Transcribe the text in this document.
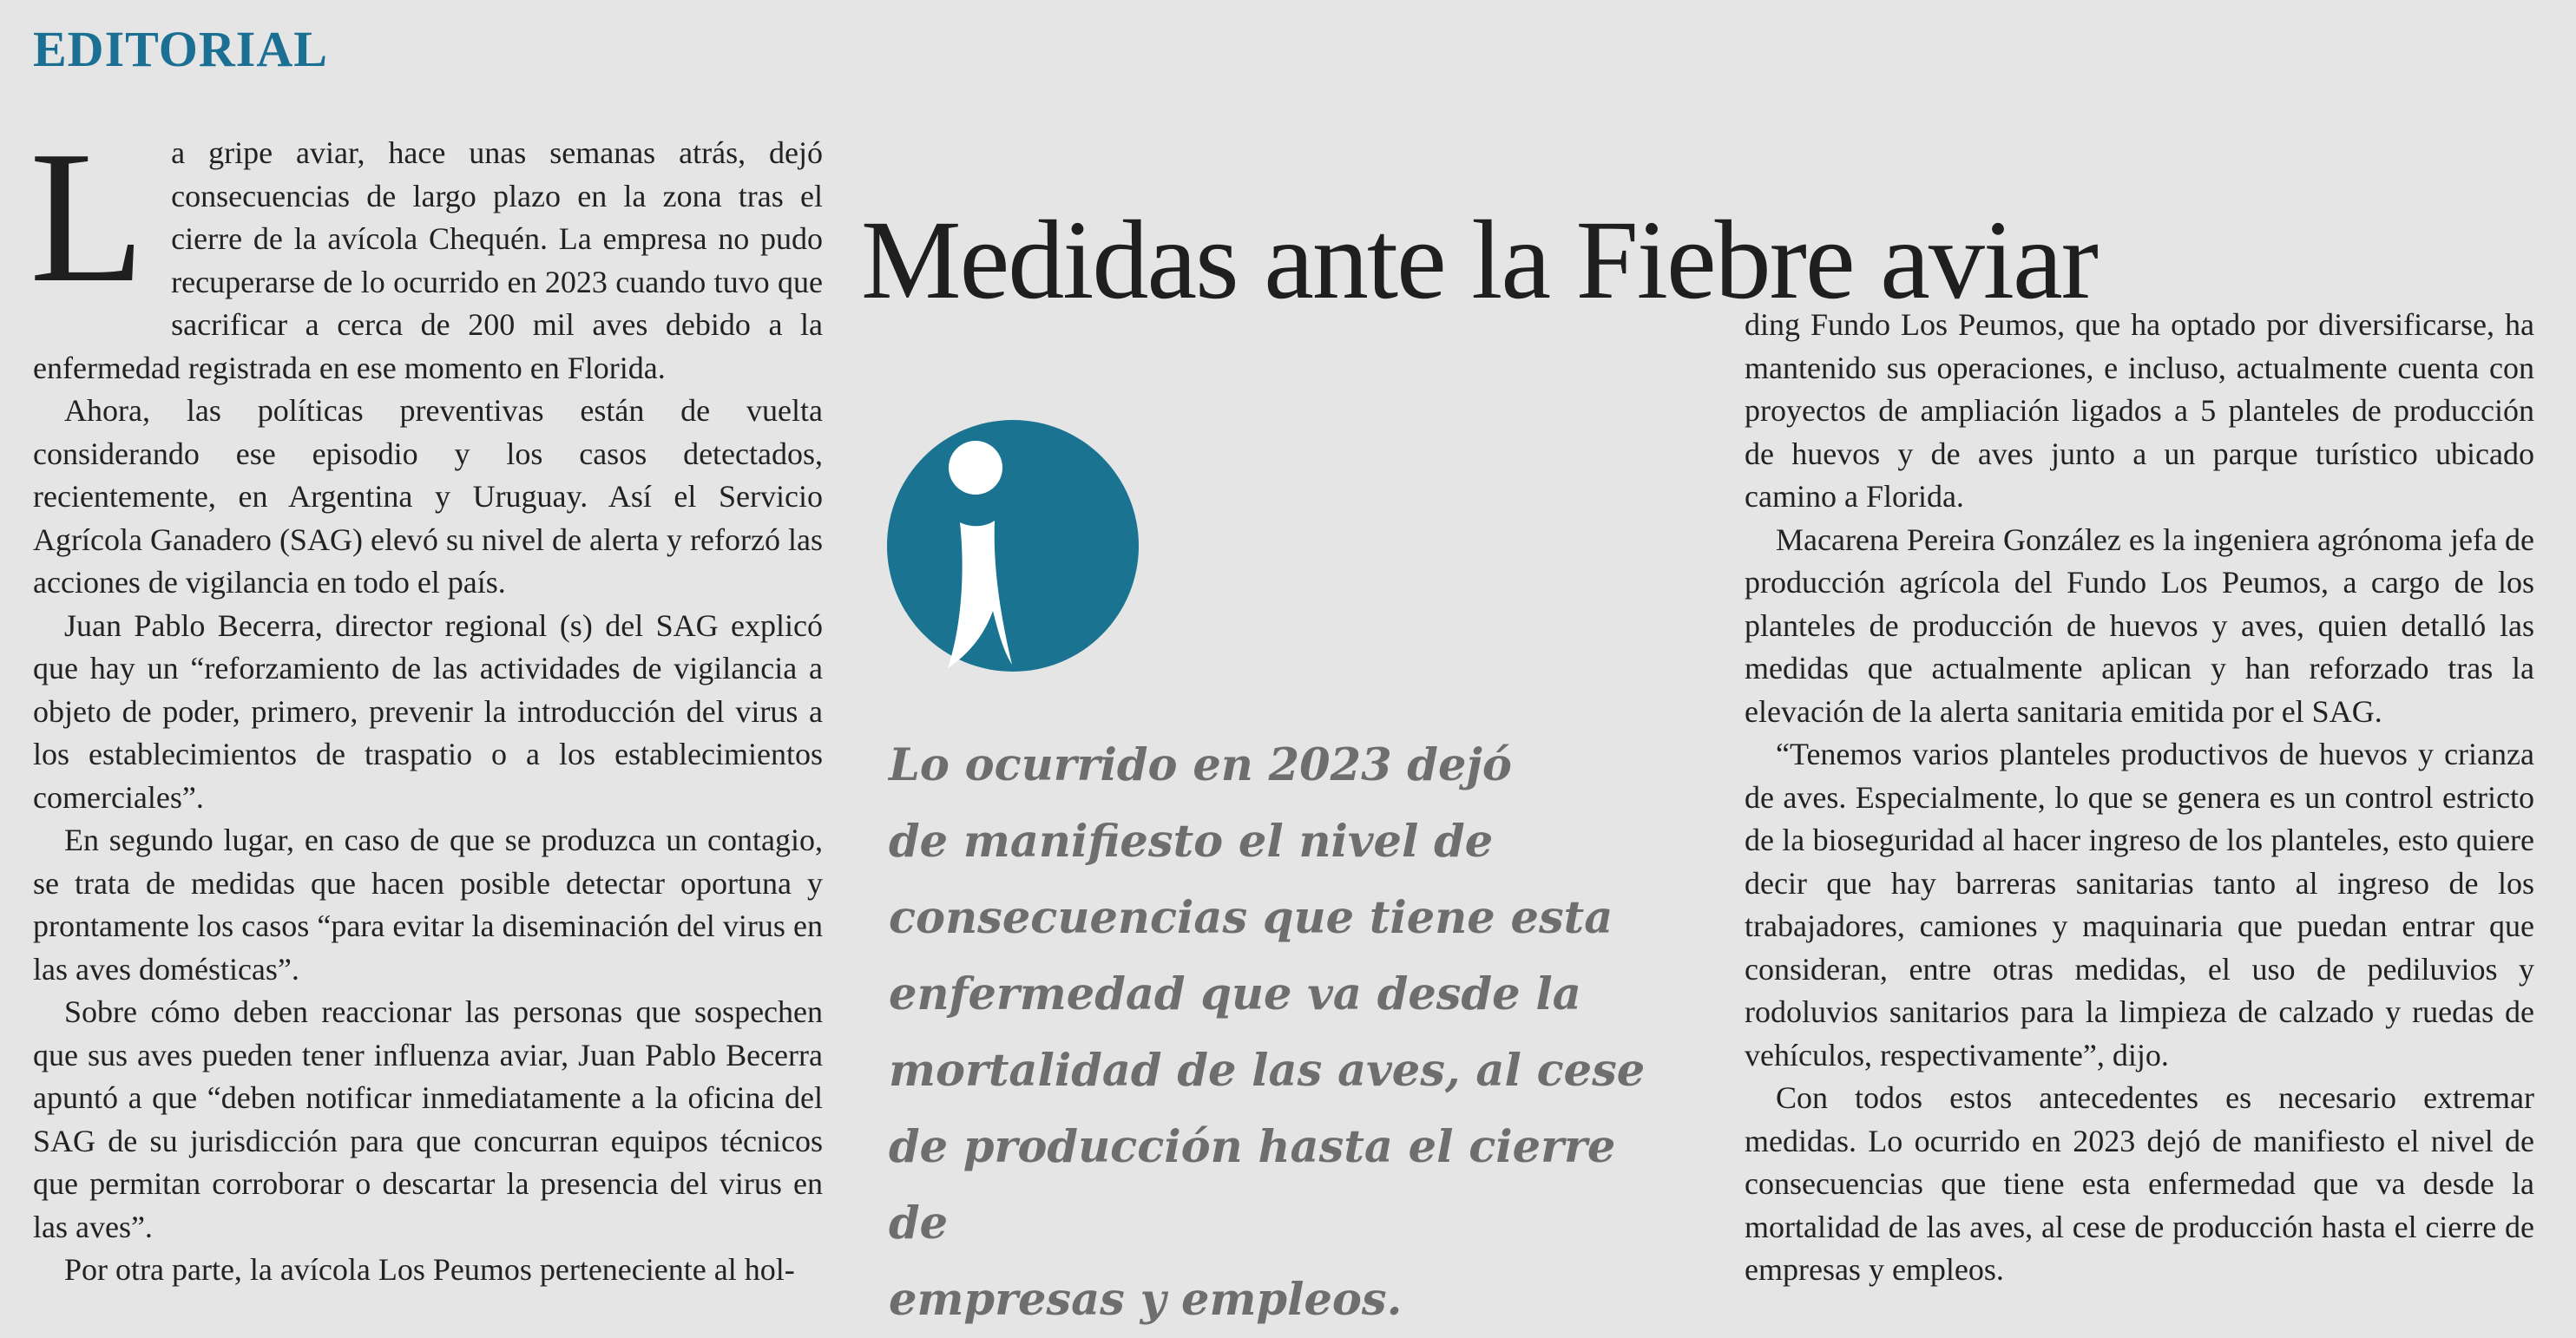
EDITORIAL
Medidas ante la Fiebre aviar

La gripe aviar, hace unas semanas atrás, dejó consecuencias de largo plazo en la zona tras el cierre de la avícola Chequén. La empresa no pudo recuperarse de lo ocurrido en 2023 cuando tuvo que sacrificar a cerca de 200 mil aves debido a la enfermedad registrada en ese momento en Florida.

Ahora, las políticas preventivas están de vuelta considerando ese episodio y los casos detectados, recientemente, en Argentina y Uruguay. Así el Servicio Agrícola Ganadero (SAG) elevó su nivel de alerta y reforzó las acciones de vigilancia en todo el país.

Juan Pablo Becerra, director regional (s) del SAG explicó que hay un “reforzamiento de las actividades de vigilancia a objeto de poder, primero, prevenir la introducción del virus a los establecimientos de traspatio o a los establecimientos comerciales”.

En segundo lugar, en caso de que se produzca un contagio, se trata de medidas que hacen posible detectar oportuna y prontamente los casos “para evitar la diseminación del virus en las aves domésticas”.

Sobre cómo deben reaccionar las personas que sospechen que sus aves pueden tener influenza aviar, Juan Pablo Becerra apuntó a que “deben notificar inmediatamente a la oficina del SAG de su jurisdicción para que concurran equipos técnicos que permitan corroborar o descartar la presencia del virus en las aves”.

Por otra parte, la avícola Los Peumos perteneciente al hol-

Lo ocurrido en 2023 dejó
de manifiesto el nivel de
consecuencias que tiene esta
enfermedad que va desde la
mortalidad de las aves, al cese
de producción hasta el cierre de
empresas y empleos.

ding Fundo Los Peumos, que ha optado por diversificarse, ha mantenido sus operaciones, e incluso, actualmente cuenta con proyectos de ampliación ligados a 5 planteles de producción de huevos y de aves junto a un parque turístico ubicado camino a Florida.

Macarena Pereira González es la ingeniera agrónoma jefa de producción agrícola del Fundo Los Peumos, a cargo de los planteles de producción de huevos y aves, quien detalló las medidas que actualmente aplican y han reforzado tras la elevación de la alerta sanitaria emitida por el SAG.

“Tenemos varios planteles productivos de huevos y crianza de aves. Especialmente, lo que se genera es un control estricto de la bioseguridad al hacer ingreso de los planteles, esto quiere decir que hay barreras sanitarias tanto al ingreso de los trabajadores, camiones y maquinaria que puedan entrar que consideran, entre otras medidas, el uso de pediluvios y rodoluvios sanitarios para la limpieza de calzado y ruedas de vehículos, respectivamente”, dijo.

Con todos estos antecedentes es necesario extremar medidas. Lo ocurrido en 2023 dejó de manifiesto el nivel de consecuencias que tiene esta enfermedad que va desde la mortalidad de las aves, al cese de producción hasta el cierre de empresas y empleos.
